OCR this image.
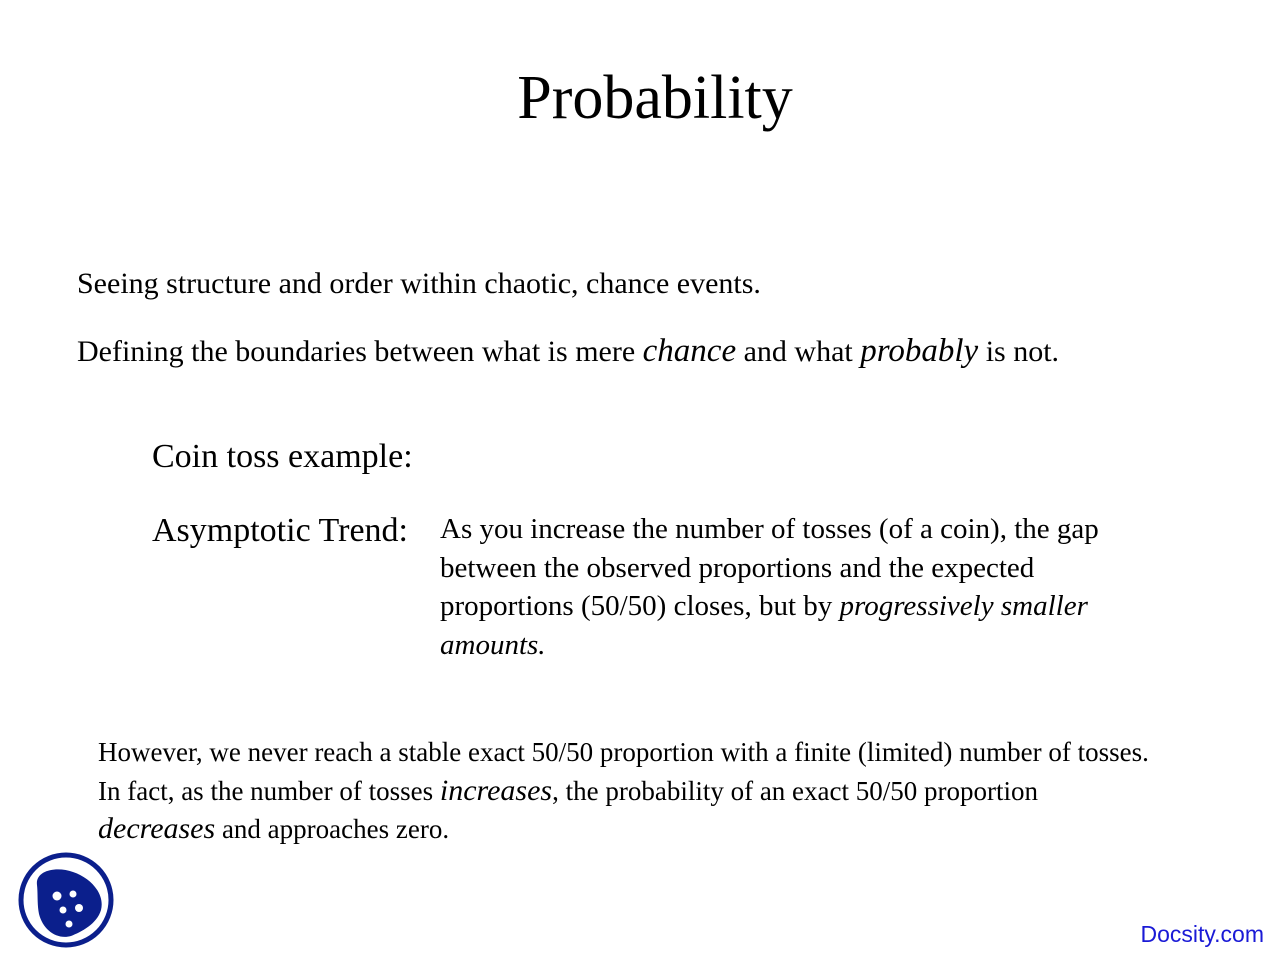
Probability
Seeing structure and order within chaotic, chance events.
Defining the boundaries between what is mere chance and what probably is not.
Coin toss example:
Asymptotic Trend: As you increase the number of tosses (of a coin), the gap
between the observed proportions and the expected
proportions (50/50) closes, but by progressively smaller
amounts.
However, we never reach a stable exact 50/50 proportion with a finite (limited) number of tosses.
In fact, as the number of tosses increases, the probability of an exact 50/50 proportion
decreases and approaches zero.
Docsity.com
